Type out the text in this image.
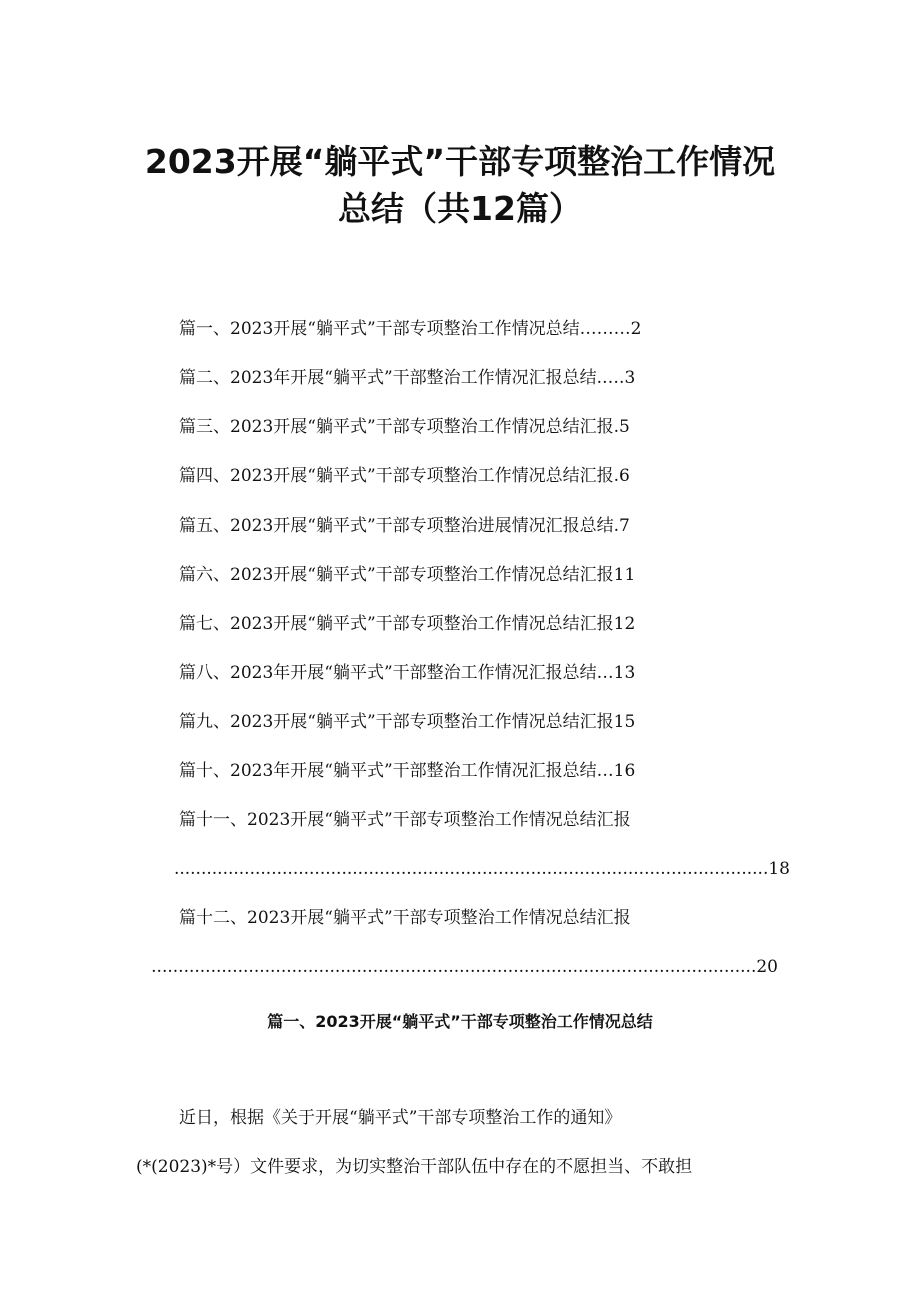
2023开展“躺平式”干部专项整治工作情况
总结（共12篇）
篇一、2023开展“躺平式”干部专项整治工作情况总结………2
篇二、2023年开展“躺平式”干部整治工作情况汇报总结.….3
篇三、2023开展“躺平式”干部专项整治工作情况总结汇报.5
篇四、2023开展“躺平式”干部专项整治工作情况总结汇报.6
篇五、2023开展“躺平式”干部专项整治进展情况汇报总结.7
篇六、2023开展“躺平式”干部专项整治工作情况总结汇报11
篇七、2023开展“躺平式”干部专项整治工作情况总结汇报12
篇八、2023年开展“躺平式”干部整治工作情况汇报总结…13
篇九、2023开展“躺平式”干部专项整治工作情况总结汇报15
篇十、2023年开展“躺平式”干部整治工作情况汇报总结…16
篇十一、2023开展“躺平式”干部专项整治工作情况总结汇报
..............................................................................................................18
篇十二、2023开展“躺平式”干部专项整治工作情况总结汇报
................................................................................................................20
篇一、2023开展“躺平式”干部专项整治工作情况总结
近日，根据《关于开展“躺平式”干部专项整治工作的通知》
(*(2023)*号）文件要求，为切实整治干部队伍中存在的不愿担当、不敢担
